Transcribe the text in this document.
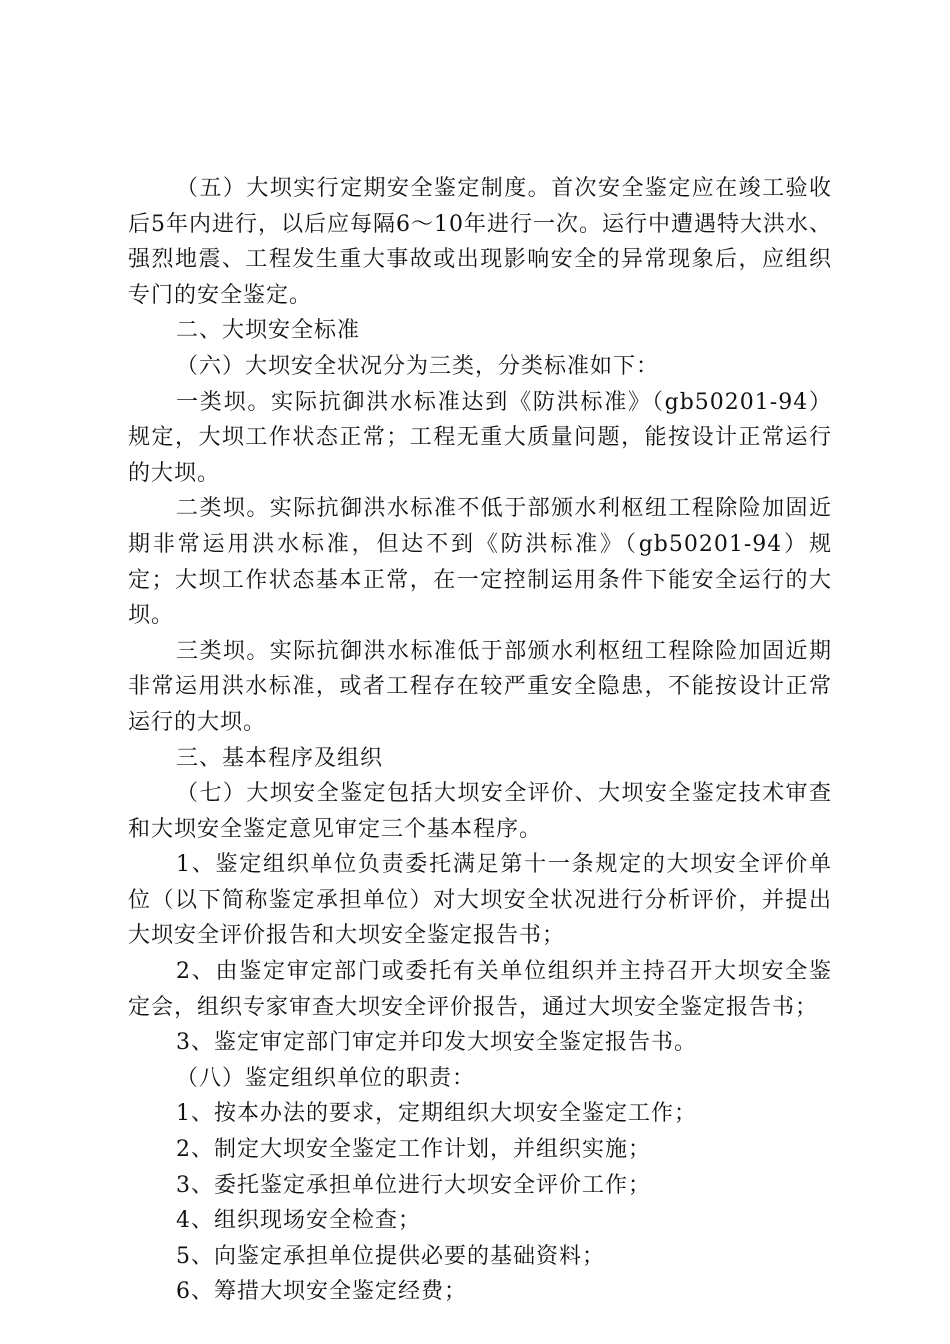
（五）大坝实行定期安全鉴定制度。首次安全鉴定应在竣工验收后5年内进行，以后应每隔6～10年进行一次。运行中遭遇特大洪水、强烈地震、工程发生重大事故或出现影响安全的异常现象后，应组织专门的安全鉴定。

二、大坝安全标准

（六）大坝安全状况分为三类，分类标准如下：

一类坝。实际抗御洪水标准达到《防洪标准》（gb50201-94）规定，大坝工作状态正常；工程无重大质量问题，能按设计正常运行的大坝。

二类坝。实际抗御洪水标准不低于部颁水利枢纽工程除险加固近期非常运用洪水标准，但达不到《防洪标准》（gb50201-94）规定；大坝工作状态基本正常，在一定控制运用条件下能安全运行的大坝。

三类坝。实际抗御洪水标准低于部颁水利枢纽工程除险加固近期非常运用洪水标准，或者工程存在较严重安全隐患，不能按设计正常运行的大坝。

三、基本程序及组织

（七）大坝安全鉴定包括大坝安全评价、大坝安全鉴定技术审查和大坝安全鉴定意见审定三个基本程序。

1、鉴定组织单位负责委托满足第十一条规定的大坝安全评价单位（以下简称鉴定承担单位）对大坝安全状况进行分析评价，并提出大坝安全评价报告和大坝安全鉴定报告书；

2、由鉴定审定部门或委托有关单位组织并主持召开大坝安全鉴定会，组织专家审查大坝安全评价报告，通过大坝安全鉴定报告书；

3、鉴定审定部门审定并印发大坝安全鉴定报告书。

（八）鉴定组织单位的职责：

1、按本办法的要求，定期组织大坝安全鉴定工作；

2、制定大坝安全鉴定工作计划，并组织实施；

3、委托鉴定承担单位进行大坝安全评价工作；

4、组织现场安全检查；

5、向鉴定承担单位提供必要的基础资料；

6、筹措大坝安全鉴定经费；
